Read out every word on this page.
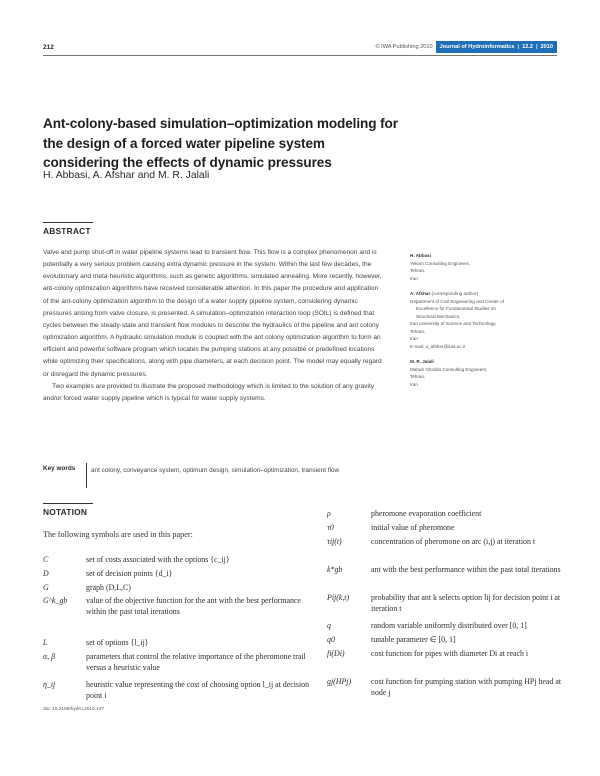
212	© IWA Publishing 2010	Journal of Hydroinformatics | 12.2 | 2010
Ant-colony-based simulation–optimization modeling for the design of a forced water pipeline system considering the effects of dynamic pressures
H. Abbasi, A. Afshar and M. R. Jalali
ABSTRACT

Valve and pump shut-off in water pipeline systems lead to transient flow. This flow is a complex phenomenon and is potentially a very serious problem causing extra dynamic pressure in the system. Within the last few decades, the evolutionary and meta-heuristic algorithms, such as genetic algorithms, simulated annealing. More recently, however, ant-colony optimization algorithms have received considerable attention. In this paper the procedure and application of the ant-colony optimization algorithm to the design of a water supply pipeline system, considering dynamic pressures arising from valve closure, is presented. A simulation–optimization interaction loop (SOIL) is defined that cycles between the steady-state and transient flow modules to describe the hydraulics of the pipeline and ant colony optimization algorithm. A hydraulic simulation module is coupled with the ant colony optimization algorithm to form an efficient and powerful software program which locates the pumping stations at any possible or predefined locations while optimizing their specifications, along with pipe diameters, at each decision point. The model may equally regard or disregard the dynamic pressures.

Two examples are provided to illustrate the proposed methodology which is limited to the solution of any gravity and/or forced water supply pipeline which is typical for water supply systems.

Key words ant colony, conveyance system, optimum design, simulation–optimization, transient flow
H. Abbasi
Yekom Consulting Engineers,
Tehran,
Iran
A. Afshar (corresponding author)
Department of Civil Engineering and Center of
Excellence for Fundamental Studies on
Structural Mechanics,
Iran University of Science and Technology,
Tehran,
Iran
E-mail: a_afshar@iust.ac.ir
M. R. Jalali
Mahab Ghodss Consulting Engineers,
Tehran,
Iran
NOTATION
The following symbols are used in this paper:
C	set of costs associated with the options {c_ij}
D	set of decision points {d_i}
G	graph (D,L,C)
G^k_gb	value of the objective function for the ant with the best performance within the past total iterations
L	set of options {l_ij}
α, β	parameters that control the relative importance of the pheromone trail versus a heuristic value
η_ij	heuristic value representing the cost of choosing option l_ij at decision point i
ρ	pheromone evaporation coefficient
τ0	initial value of pheromone
τij(t)	concentration of pheromone on arc (i,j) at iteration t
k*gb	ant with the best performance within the past total iterations
Pij(k,t)	probability that ant k selects option lij for decision point i at iteration t
q	random variable uniformly distributed over [0, 1]
q0	tunable parameter ∈ [0, 1]
fi(Di)	cost function for pipes with diameter Di at reach i
gj(HPj)	cost function for pumping station with pumping HPj head at node j
doi: 10.2166/hydro.2010.147
